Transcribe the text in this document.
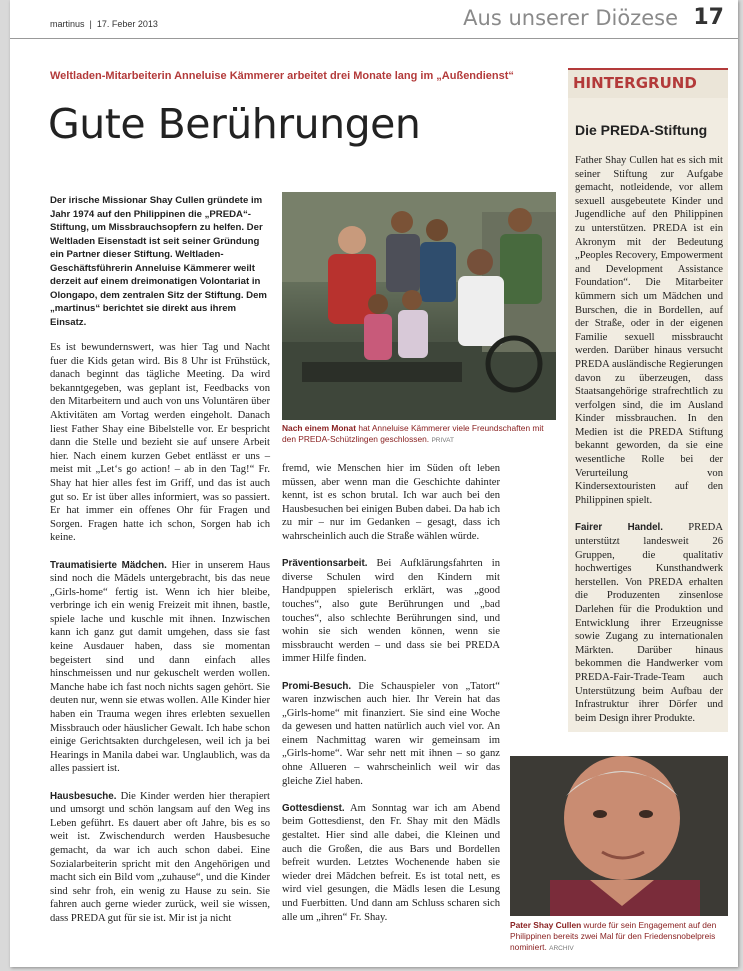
martinus  |  17. Feber 2013	Aus unserer Diözese 17
Weltladen-Mitarbeiterin Anneluise Kämmerer arbeitet drei Monate lang im „Außendienst“
Gute Berührungen
Der irische Missionar Shay Cullen gründete im Jahr 1974 auf den Philippinen die „PREDA“-Stiftung, um Missbrauchsopfern zu helfen. Der Weltladen Eisenstadt ist seit seiner Gründung ein Partner dieser Stiftung. Weltladen-Geschäftsführerin Anneluise Kämmerer weilt derzeit auf einem dreimonatigen Volontariat in Olongapo, dem zentralen Sitz der Stiftung. Dem „martinus“ berichtet sie direkt aus ihrem Einsatz.

Es ist bewundernswert, was hier Tag und Nacht fuer die Kids getan wird. Bis 8 Uhr ist Frühstück, danach beginnt das tägliche Meeting. Da wird bekanntgegeben, was geplant ist, Feedbacks von den Mitarbeitern und auch von uns Voluntären über Aktivitäten am Vortag werden eingeholt. Danach liest Father Shay eine Bibelstelle vor. Er bespricht dann die Stelle und bezieht sie auf unsere Arbeit hier. Nach einem kurzen Gebet entlässt er uns – meist mit „Let‘s go action! – ab in den Tag!“ Fr. Shay hat hier alles fest im Griff, und das ist auch gut so. Er ist über alles informiert, was so passiert. Er hat immer ein offenes Ohr für Fragen und Sorgen. Fragen hatte ich schon, Sorgen hab ich keine.

Traumatisierte Mädchen. Hier in unserem Haus sind noch die Mädels untergebracht, bis das neue „Girls-home“ fertig ist. Wenn ich hier bleibe, verbringe ich ein wenig Freizeit mit ihnen, bastle, spiele lache und kuschle mit ihnen. Inzwischen kann ich ganz gut damit umgehen, dass sie fast keine Ausdauer haben, dass sie momentan begeistert sind und dann einfach alles hinschmeissen und nur gekuschelt werden wollen. Manche habe ich fast noch nichts sagen gehört. Sie deuten nur, wenn sie etwas wollen. Alle Kinder hier haben ein Trauma wegen ihres erlebten sexuellen Missbrauch oder häuslicher Gewalt. Ich habe schon einige Gerichtsakten durchgelesen, weil ich ja bei Hearings in Manila dabei war. Unglaublich, was da alles passiert ist.

Hausbesuche. Die Kinder werden hier therapiert und umsorgt und schön langsam auf den Weg ins Leben geführt. Es dauert aber oft Jahre, bis es so weit ist. Zwischendurch werden Hausbesuche gemacht, da war ich auch schon dabei. Eine Sozialarbeiterin spricht mit den Angehörigen und macht sich ein Bild vom „zuhause“, und die Kinder sind sehr froh, ein wenig zu Hause zu sein. Sie fahren auch gerne wieder zurück, weil sie wissen, dass PREDA gut für sie ist. Mir ist ja nicht

Nach einem Monat hat Anneluise Kämmerer viele Freundschaften mit den PREDA-Schützlingen geschlossen. PRIVAT

fremd, wie Menschen hier im Süden oft leben müssen, aber wenn man die Geschichte dahinter kennt, ist es schon brutal. Ich war auch bei den Hausbesuchen bei einigen Buben dabei. Da hab ich zu mir – nur im Gedanken – gesagt, dass ich wahrscheinlich auch die Straße wählen würde.

Präventionsarbeit. Bei Aufklärungsfahrten in diverse Schulen wird den Kindern mit Handpuppen spielerisch erklärt, was „good touches“, also gute Berührungen und „bad touches“, also schlechte Berührungen sind, und wohin sie sich wenden können, wenn sie missbraucht werden – und dass sie bei PREDA immer Hilfe finden.

Promi-Besuch. Die Schauspieler von „Tatort“ waren inzwischen auch hier. Ihr Verein hat das „Girls-home“ mit finanziert. Sie sind eine Woche da gewesen und hatten natürlich auch viel vor. An einem Nachmittag waren wir gemeinsam im „Girls-home“. War sehr nett mit ihnen – so ganz ohne Allueren – wahrscheinlich weil wir das gleiche Ziel haben.

Gottesdienst. Am Sonntag war ich am Abend beim Gottesdienst, den Fr. Shay mit den Mädls gestaltet. Hier sind alle dabei, die Kleinen und auch die Großen, die aus Bars und Bordellen befreit wurden. Letztes Wochenende haben sie wieder drei Mädchen befreit. Es ist total nett, es wird viel gesungen, die Mädls lesen die Lesung und Fuerbitten. Und dann am Schluss scharen sich alle um „ihren“ Fr. Shay.

HINTERGRUND
Die PREDA-Stiftung

Father Shay Cullen hat es sich mit seiner Stiftung zur Aufgabe gemacht, notleidende, vor allem sexuell ausgebeutete Kinder und Jugendliche auf den Philippinen zu unterstützen. PREDA ist ein Akronym mit der Bedeutung „Peoples Recovery, Empowerment and Development Assistance Foundation“. Die Mitarbeiter kümmern sich um Mädchen und Burschen, die in Bordellen, auf der Straße, oder in der eigenen Familie sexuell missbraucht werden. Darüber hinaus versucht PREDA ausländische Regierungen davon zu überzeugen, dass Staatsangehörige strafrechtlich zu verfolgen sind, die im Ausland Kinder missbrauchen. In den Medien ist die PREDA Stiftung bekannt geworden, da sie eine wesentliche Rolle bei der Verurteilung von Kindersextouristen auf den Philippinen spielt.

Fairer Handel. PREDA unterstützt landesweit 26 Gruppen, die qualitativ hochwertiges Kunsthandwerk herstellen. Von PREDA erhalten die Produzenten zinsenlose Darlehen für die Produktion und Entwicklung ihrer Erzeugnisse sowie Zugang zu internationalen Märkten. Darüber hinaus bekommen die Handwerker vom PREDA-Fair-Trade-Team auch Unterstützung beim Aufbau der Infrastruktur ihrer Dörfer und beim Design ihrer Produkte.

Pater Shay Cullen wurde für sein Engagement auf den Philippinen bereits zwei Mal für den Friedensnobelpreis nominiert. ARCHIV
